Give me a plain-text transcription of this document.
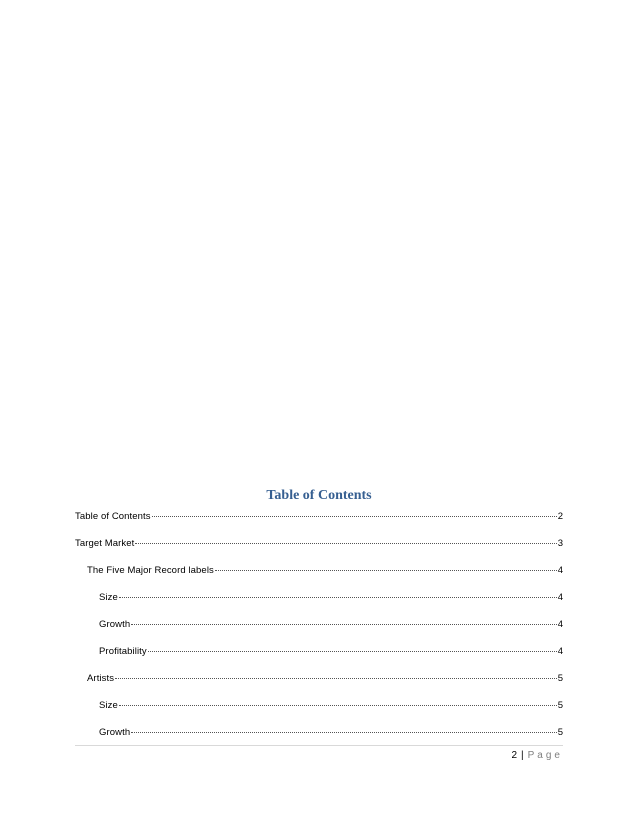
Table of Contents
Table of Contents	2
Target Market	3
The Five Major Record labels	4
Size	4
Growth	4
Profitability	4
Artists	5
Size	5
Growth	5
2 | Page
